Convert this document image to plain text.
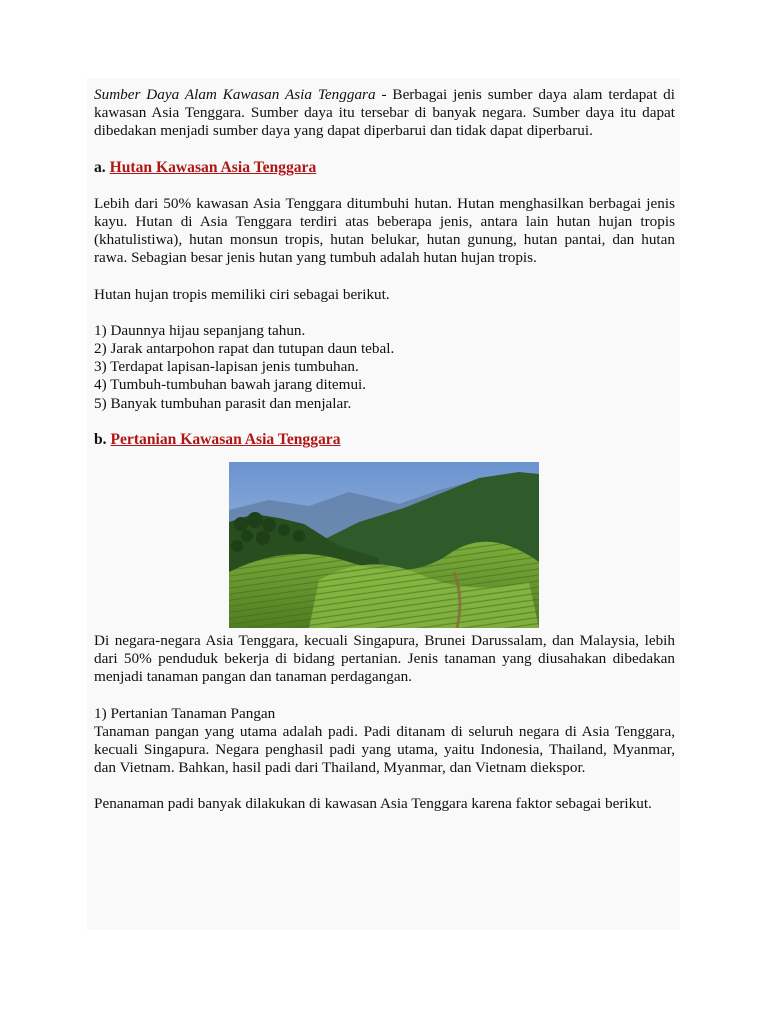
Sumber Daya Alam Kawasan Asia Tenggara - Berbagai jenis sumber daya alam terdapat di kawasan Asia Tenggara. Sumber daya itu tersebar di banyak negara. Sumber daya itu dapat dibedakan menjadi sumber daya yang dapat diperbarui dan tidak dapat diperbarui.

a. Hutan Kawasan Asia Tenggara

Lebih dari 50% kawasan Asia Tenggara ditumbuhi hutan. Hutan menghasilkan berbagai jenis kayu. Hutan di Asia Tenggara terdiri atas beberapa jenis, antara lain hutan hujan tropis (khatulistiwa), hutan monsun tropis, hutan belukar, hutan gunung, hutan pantai, dan hutan rawa. Sebagian besar jenis hutan yang tumbuh adalah hutan hujan tropis.

Hutan hujan tropis memiliki ciri sebagai berikut.

1) Daunnya hijau sepanjang tahun.
2) Jarak antarpohon rapat dan tutupan daun tebal.
3) Terdapat lapisan-lapisan jenis tumbuhan.
4) Tumbuh-tumbuhan bawah jarang ditemui.
5) Banyak tumbuhan parasit dan menjalar.

b. Pertanian Kawasan Asia Tenggara

Di negara-negara Asia Tenggara, kecuali Singapura, Brunei Darussalam, dan Malaysia, lebih dari 50% penduduk bekerja di bidang pertanian. Jenis tanaman yang diusahakan dibedakan menjadi tanaman pangan dan tanaman perdagangan.

1) Pertanian Tanaman Pangan

Tanaman pangan yang utama adalah padi. Padi ditanam di seluruh negara di Asia Tenggara, kecuali Singapura. Negara penghasil padi yang utama, yaitu Indonesia, Thailand, Myanmar, dan Vietnam. Bahkan, hasil padi dari Thailand, Myanmar, dan Vietnam diekspor.

Penanaman padi banyak dilakukan di kawasan Asia Tenggara karena faktor sebagai berikut.
